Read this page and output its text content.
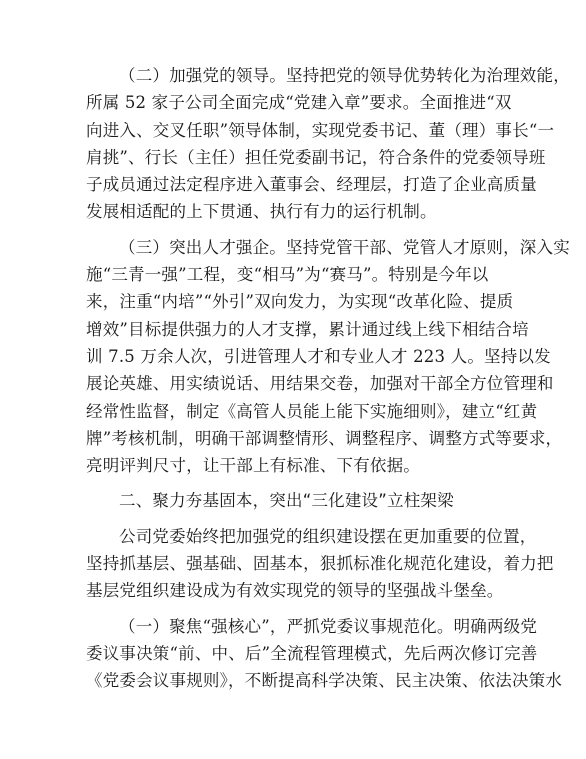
（二）加强党的领导。坚持把党的领导优势转化为治理效能，
所属 52 家子公司全面完成“党建入章”要求。全面推进“双
向进入、交叉任职”领导体制，实现党委书记、董（理）事长“一
肩挑”、行长（主任）担任党委副书记，符合条件的党委领导班
子成员通过法定程序进入董事会、经理层，打造了企业高质量
发展相适配的上下贯通、执行有力的运行机制。

（三）突出人才强企。坚持党管干部、党管人才原则，深入实
施“三青一强”工程，变“相马”为“赛马”。特别是今年以
来，注重“内培”“外引”双向发力，为实现“改革化险、提质
增效”目标提供强力的人才支撑，累计通过线上线下相结合培
训 7.5 万余人次，引进管理人才和专业人才 223 人。坚持以发
展论英雄、用实绩说话、用结果交卷，加强对干部全方位管理和
经常性监督，制定《高管人员能上能下实施细则》，建立“红黄
牌”考核机制，明确干部调整情形、调整程序、调整方式等要求，
亮明评判尺寸，让干部上有标准、下有依据。

二、聚力夯基固本，突出“三化建设”立柱架梁

公司党委始终把加强党的组织建设摆在更加重要的位置，
坚持抓基层、强基础、固基本，狠抓标准化规范化建设，着力把
基层党组织建设成为有效实现党的领导的坚强战斗堡垒。

（一）聚焦“强核心”，严抓党委议事规范化。明确两级党
委议事决策“前、中、后”全流程管理模式，先后两次修订完善
《党委会议事规则》，不断提高科学决策、民主决策、依法决策水
